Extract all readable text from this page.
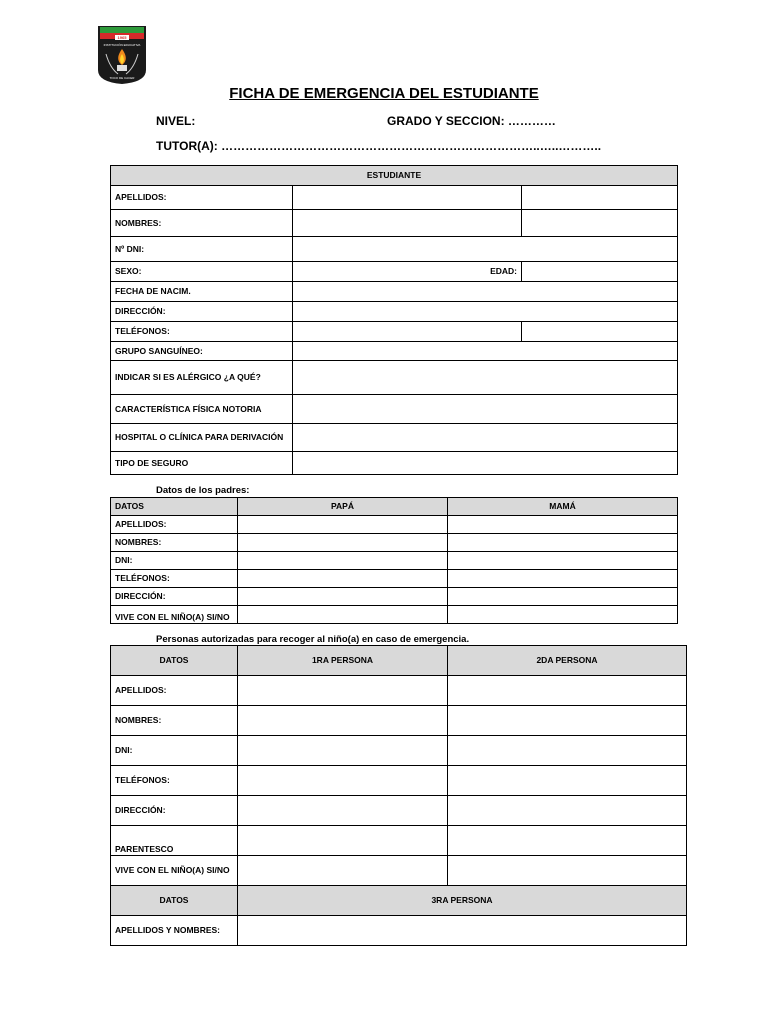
1965
INSTITUCIÓN EDUCATIVA
TOCO DE CACER
FICHA DE EMERGENCIA DEL ESTUDIANTE
NIVEL:	GRADO Y SECCION: …………
TUTOR(A): ……………………………………………………………………..…..………..
ESTUDIANTE		
APELLIDOS:		
NOMBRES:		
Nº DNI:		
SEXO:	EDAD:	
FECHA DE NACIM.		
DIRECCIÓN:		
TELÉFONOS:		
GRUPO SANGUÍNEO:		
INDICAR SI ES ALÉRGICO ¿A QUÉ?		
CARACTERÍSTICA FÍSICA NOTORIA		
HOSPITAL O CLÍNICA PARA DERIVACIÓN		
TIPO DE SEGURO		
Datos de los padres:
DATOS	PAPÁ	MAMÁ
APELLIDOS:		
NOMBRES:		
DNI:		
TELÉFONOS:		
DIRECCIÓN:		
VIVE CON EL NIÑO(A) SI/NO		
Personas autorizadas para recoger al niño(a) en caso de emergencia.
DATOS	1RA PERSONA	2DA PERSONA
APELLIDOS:		
NOMBRES:		
DNI:		
TELÉFONOS:		
DIRECCIÓN:		
PARENTESCO		
VIVE CON EL NIÑO(A) SI/NO		
DATOS	3RA PERSONA	
APELLIDOS Y NOMBRES:		
